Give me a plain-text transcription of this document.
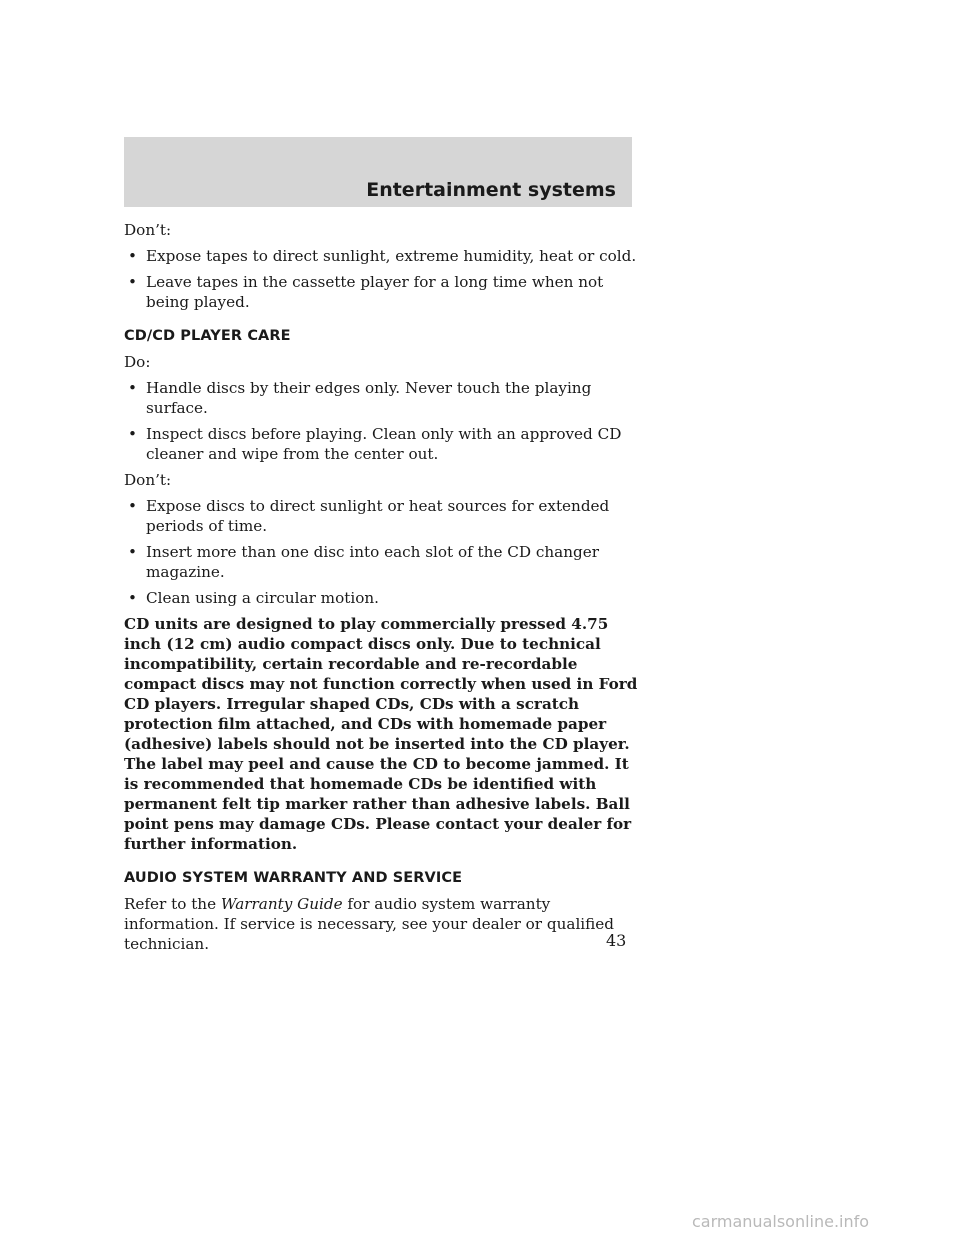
Entertainment systems

Don’t:

• Expose tapes to direct sunlight, extreme humidity, heat or cold.
• Leave tapes in the cassette player for a long time when not being played.
CD/CD PLAYER CARE

Do:

• Handle discs by their edges only. Never touch the playing surface.
• Inspect discs before playing. Clean only with an approved CD cleaner and wipe from the center out.

Don’t:

• Expose discs to direct sunlight or heat sources for extended periods of time.
• Insert more than one disc into each slot of the CD changer magazine.
• Clean using a circular motion.

CD units are designed to play commercially pressed 4.75 inch (12 cm) audio compact discs only. Due to technical incompatibility, certain recordable and re-recordable compact discs may not function correctly when used in Ford CD players. Irregular shaped CDs, CDs with a scratch protection film attached, and CDs with homemade paper (adhesive) labels should not be inserted into the CD player. The label may peel and cause the CD to become jammed. It is recommended that homemade CDs be identified with permanent felt tip marker rather than adhesive labels. Ball point pens may damage CDs. Please contact your dealer for further information.

AUDIO SYSTEM WARRANTY AND SERVICE

Refer to the Warranty Guide for audio system warranty information. If service is necessary, see your dealer or qualified technician.	43
carmanualsonline.info
